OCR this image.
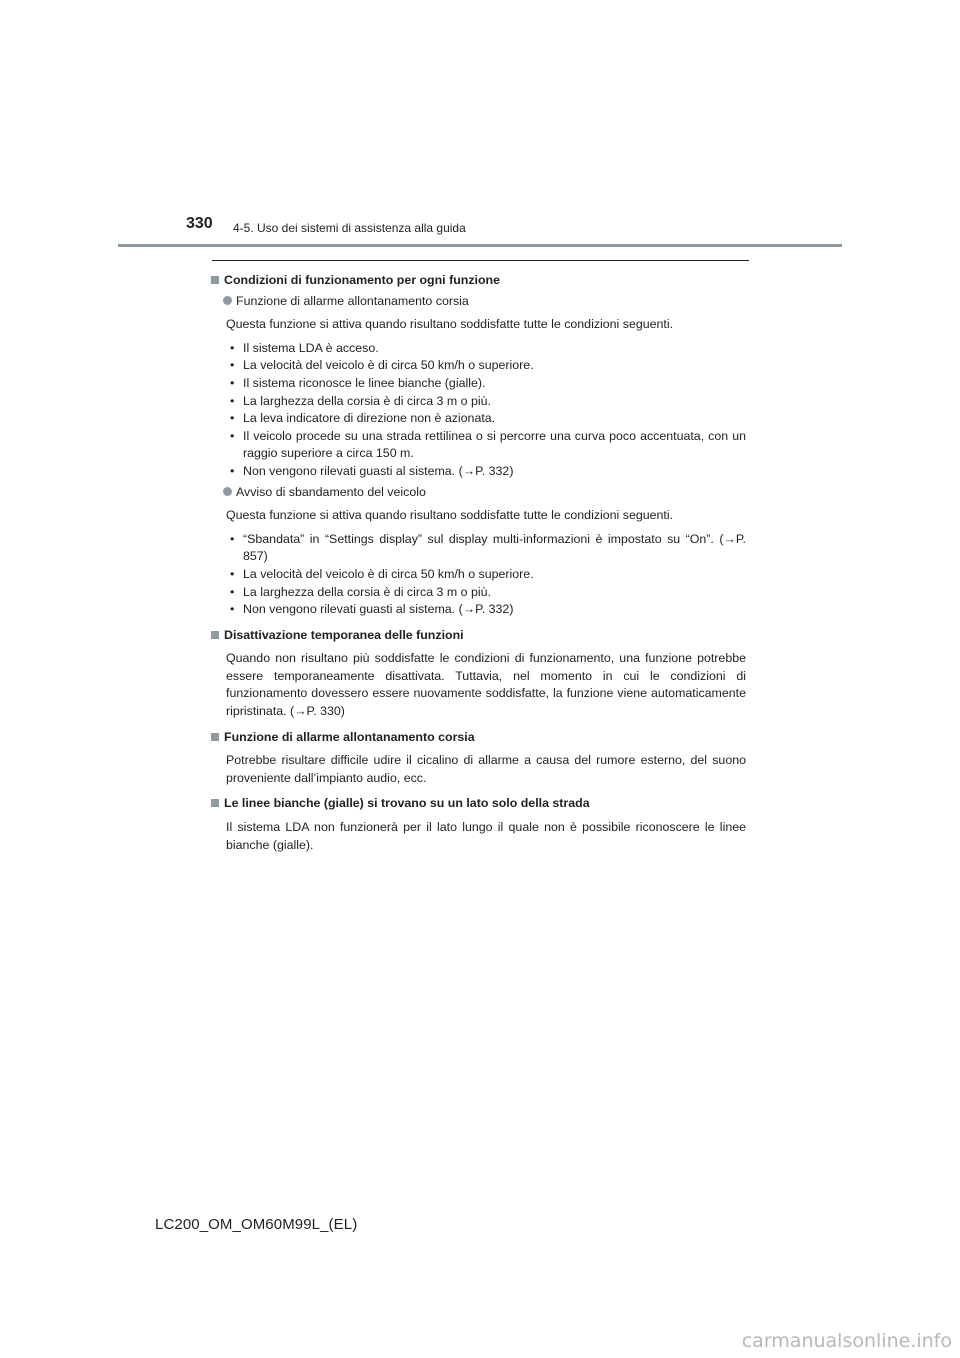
330 4-5. Uso dei sistemi di assistenza alla guida
Condizioni di funzionamento per ogni funzione
Funzione di allarme allontanamento corsia
Questa funzione si attiva quando risultano soddisfatte tutte le condizioni seguenti.
• Il sistema LDA è acceso.
• La velocità del veicolo è di circa 50 km/h o superiore.
• Il sistema riconosce le linee bianche (gialle).
• La larghezza della corsia è di circa 3 m o più.
• La leva indicatore di direzione non è azionata.
• Il veicolo procede su una strada rettilinea o si percorre una curva poco accentuata, con un raggio superiore a circa 150 m.
• Non vengono rilevati guasti al sistema. (→P. 332)
Avviso di sbandamento del veicolo
Questa funzione si attiva quando risultano soddisfatte tutte le condizioni seguenti.
• “Sbandata” in “Settings display” sul display multi-informazioni è impostato su “On”. (→P. 857)
• La velocità del veicolo è di circa 50 km/h o superiore.
• La larghezza della corsia è di circa 3 m o più.
• Non vengono rilevati guasti al sistema. (→P. 332)
Disattivazione temporanea delle funzioni
Quando non risultano più soddisfatte le condizioni di funzionamento, una funzione potrebbe essere temporaneamente disattivata. Tuttavia, nel momento in cui le condizioni di funzionamento dovessero essere nuovamente soddisfatte, la funzione viene automaticamente ripristinata. (→P. 330)
Funzione di allarme allontanamento corsia
Potrebbe risultare difficile udire il cicalino di allarme a causa del rumore esterno, del suono proveniente dall’impianto audio, ecc.
Le linee bianche (gialle) si trovano su un lato solo della strada
Il sistema LDA non funzionerà per il lato lungo il quale non è possibile riconoscere le linee bianche (gialle).
LC200_OM_OM60M99L_(EL)
carmanualsonline.info
